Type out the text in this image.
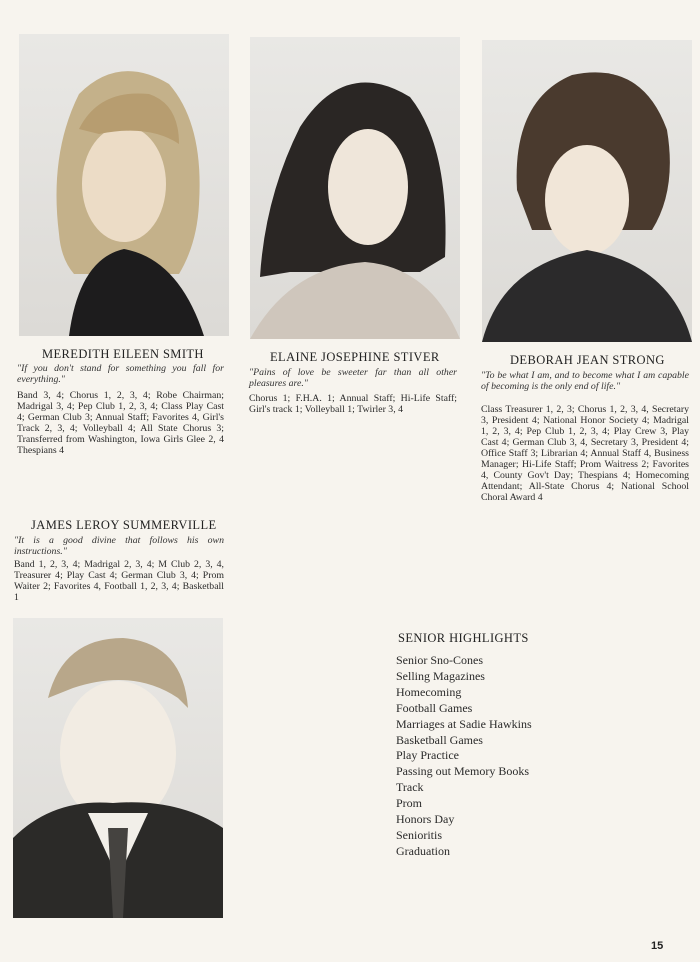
MEREDITH EILEEN SMITH
"If you don't stand for something you fall for everything."
Band 3, 4; Chorus 1, 2, 3, 4; Robe Chairman; Madrigal 3, 4; Pep Club 1, 2, 3, 4; Class Play Cast 4; German Club 3; Annual Staff; Favorites 4, Girl's Track 2, 3, 4; Volleyball 4; All State Chorus 3; Transferred from Washington, Iowa Girls Glee 2, 4 Thespians 4
ELAINE JOSEPHINE STIVER
"Pains of love be sweeter far than all other pleasures are."
Chorus 1; F.H.A. 1; Annual Staff; Hi-Life Staff; Girl's track 1; Volleyball 1; Twirler 3, 4
DEBORAH JEAN STRONG
"To be what I am, and to become what I am capable of becoming is the only end of life."
Class Treasurer 1, 2, 3; Chorus 1, 2, 3, 4, Secretary 3, President 4; National Honor Society 4; Madrigal 1, 2, 3, 4; Pep Club 1, 2, 3, 4; Play Crew 3, Play Cast 4; German Club 3, 4, Secretary 3, President 4; Office Staff 3; Librarian 4; Annual Staff 4, Business Manager; Hi-Life Staff; Prom Waitress 2; Favorites 4, County Gov't Day; Thespians 4; Homecoming Attendant; All-State Chorus 4; National School Choral Award 4
JAMES LEROY SUMMERVILLE
"It is a good divine that follows his own instructions."
Band 1, 2, 3, 4; Madrigal 2, 3, 4; M Club 2, 3, 4, Treasurer 4; Play Cast 4; German Club 3, 4; Prom Waiter 2; Favorites 4, Football 1, 2, 3, 4; Basketball 1
SENIOR HIGHLIGHTS
Senior Sno-Cones
Selling Magazines
Homecoming
Football Games
Marriages at Sadie Hawkins
Basketball Games
Play Practice
Passing out Memory Books
Track
Prom
Honors Day
Senioritis
Graduation
15
